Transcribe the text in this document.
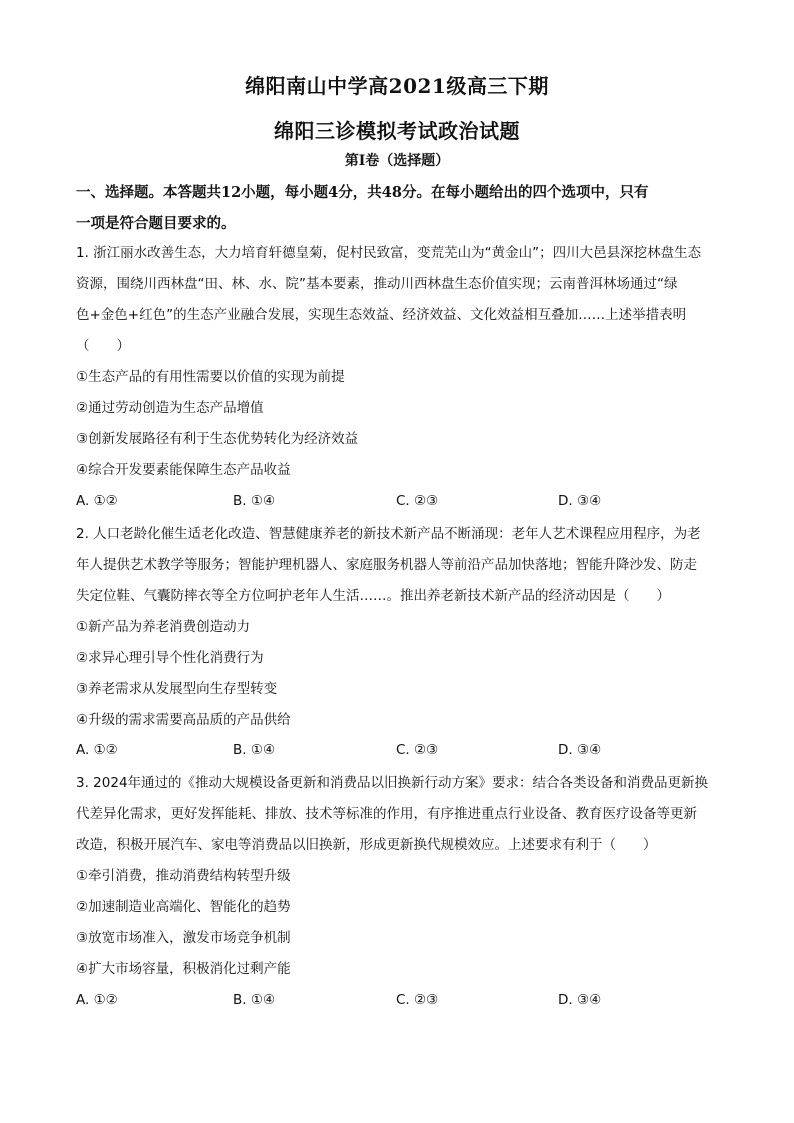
绵阳南山中学高2021级高三下期
绵阳三诊模拟考试政治试题
第Ⅰ卷（选择题）
一、选择题。本答题共12小题，每小题4分，共48分。在每小题给出的四个选项中，只有
一项是符合题目要求的。
1. 浙江丽水改善生态，大力培育轩德皇菊，促村民致富，变荒芜山为“黄金山”；四川大邑县深挖林盘生态
资源，围绕川西林盘“田、林、水、院”基本要素，推动川西林盘生态价值实现；云南普洱林场通过“绿
色+金色+红色”的生态产业融合发展，实现生态效益、经济效益、文化效益相互叠加……上述举措表明
（　　）
①生态产品的有用性需要以价值的实现为前提
②通过劳动创造为生态产品增值
③创新发展路径有利于生态优势转化为经济效益
④综合开发要素能保障生态产品收益
A. ①②	B. ①④	C. ②③	D. ③④
2. 人口老龄化催生适老化改造、智慧健康养老的新技术新产品不断涌现：老年人艺术课程应用程序，为老
年人提供艺术教学等服务；智能护理机器人、家庭服务机器人等前沿产品加快落地；智能升降沙发、防走
失定位鞋、气囊防摔衣等全方位呵护老年人生活……。推出养老新技术新产品的经济动因是（　　）
①新产品为养老消费创造动力
②求异心理引导个性化消费行为
③养老需求从发展型向生存型转变
④升级的需求需要高品质的产品供给
A. ①②	B. ①④	C. ②③	D. ③④
3. 2024年通过的《推动大规模设备更新和消费品以旧换新行动方案》要求：结合各类设备和消费品更新换
代差异化需求，更好发挥能耗、排放、技术等标准的作用，有序推进重点行业设备、教育医疗设备等更新
改造，积极开展汽车、家电等消费品以旧换新，形成更新换代规模效应。上述要求有利于（　　）
①牵引消费，推动消费结构转型升级
②加速制造业高端化、智能化的趋势
③放宽市场准入，激发市场竞争机制
④扩大市场容量，积极消化过剩产能
A. ①②	B. ①④	C. ②③	D. ③④
